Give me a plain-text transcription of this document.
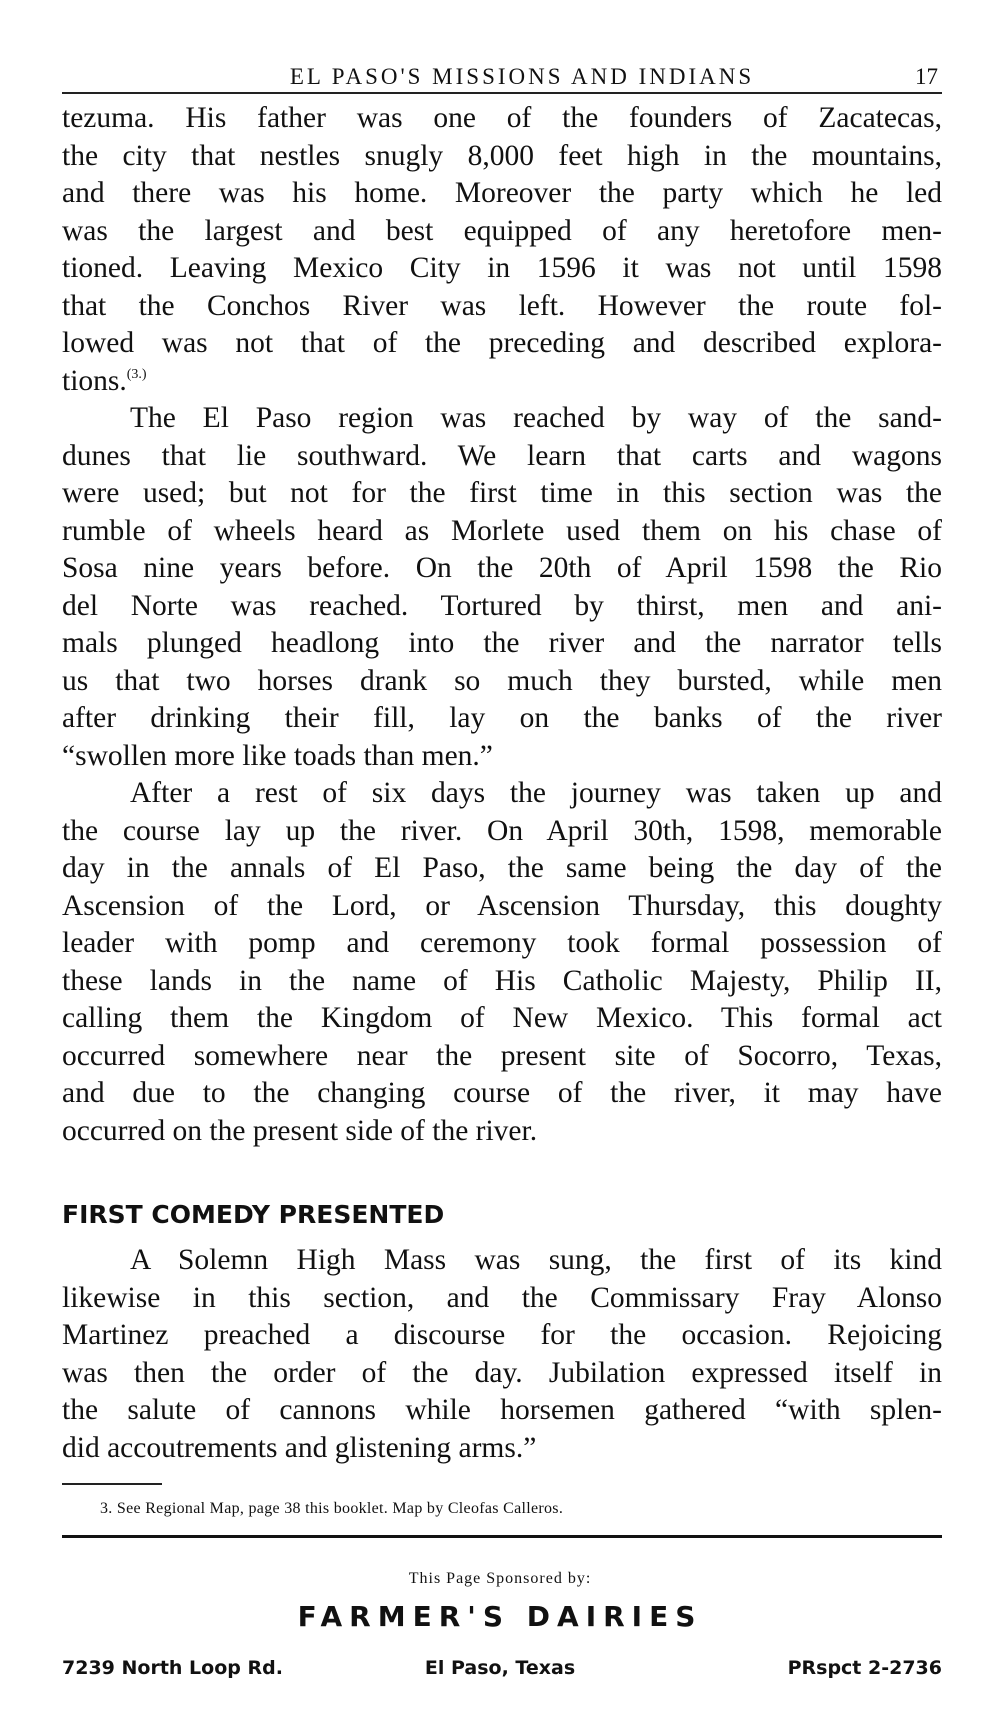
EL PASO'S MISSIONS AND INDIANS	17
tezuma. His father was one of the founders of Zacatecas,
the city that nestles snugly 8,000 feet high in the mountains,
and there was his home. Moreover the party which he led
was the largest and best equipped of any heretofore men-
tioned. Leaving Mexico City in 1596 it was not until 1598
that the Conchos River was left. However the route fol-
lowed was not that of the preceding and described explora-
tions.$^{(3.)}$
The El Paso region was reached by way of the sand-
dunes that lie southward. We learn that carts and wagons
were used; but not for the first time in this section was the
rumble of wheels heard as Morlete used them on his chase of
Sosa nine years before. On the 20th of April 1598 the Rio
del Norte was reached. Tortured by thirst, men and ani-
mals plunged headlong into the river and the narrator tells
us that two horses drank so much they bursted, while men
after drinking their fill, lay on the banks of the river
“swollen more like toads than men.”
After a rest of six days the journey was taken up and
the course lay up the river. On April 30th, 1598, memorable
day in the annals of El Paso, the same being the day of the
Ascension of the Lord, or Ascension Thursday, this doughty
leader with pomp and ceremony took formal possession of
these lands in the name of His Catholic Majesty, Philip II,
calling them the Kingdom of New Mexico. This formal act
occurred somewhere near the present site of Socorro, Texas,
and due to the changing course of the river, it may have
occurred on the present side of the river.
FIRST COMEDY PRESENTED
A Solemn High Mass was sung, the first of its kind
likewise in this section, and the Commissary Fray Alonso
Martinez preached a discourse for the occasion. Rejoicing
was then the order of the day. Jubilation expressed itself in
the salute of cannons while horsemen gathered “with splen-
did accoutrements and glistening arms.”
3. See Regional Map, page 38 this booklet. Map by Cleofas Calleros.
This Page Sponsored by:
FARMER'S DAIRIES
7239 North Loop Rd.	El Paso, Texas	PRspct 2-2736
